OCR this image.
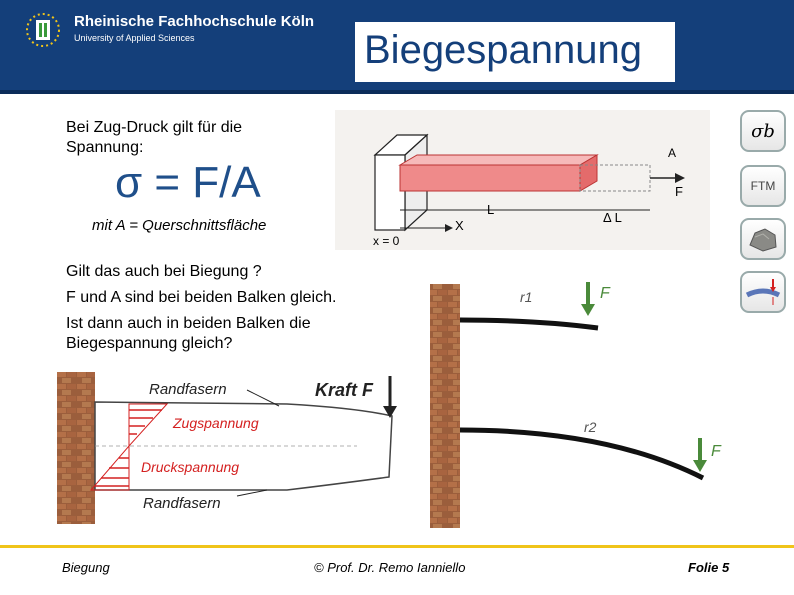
Rheinische Fachhochschule Köln
University of Applied Sciences	Biegespannung
Bei Zug-Druck gilt für die
Spannung:
σ = F/A
mit A = Querschnittsfläche
A
F
L
Δ L
X
x = 0
σb
FTM
Gilt das auch bei Biegung ?
F und A sind bei beiden Balken gleich.
Ist dann auch in beiden Balken die
Biegespannung gleich?
Randfasern	Kraft F
Zugspannung
Druckspannung
Randfasern
r1	F
r2
F
Biegung	© Prof. Dr. Remo Ianniello	Folie 5
